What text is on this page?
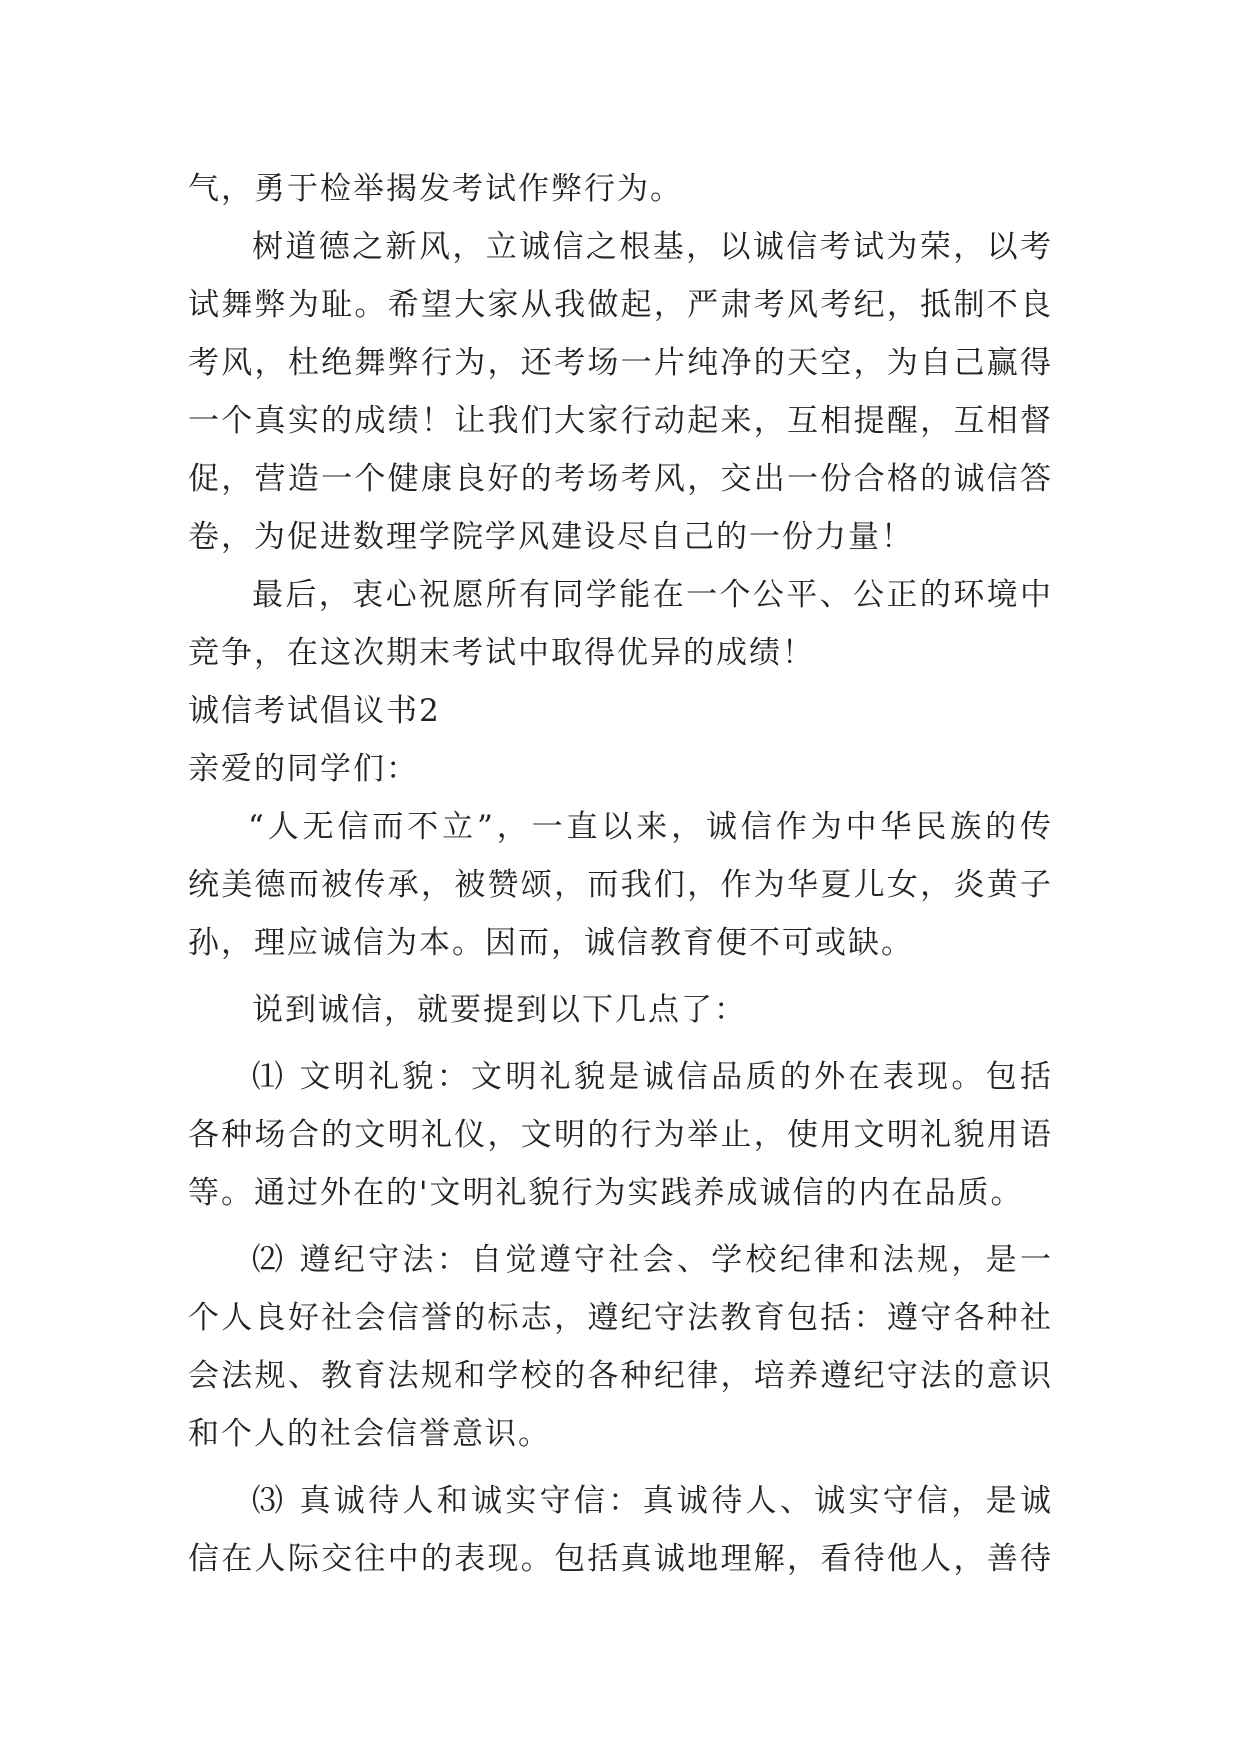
气，勇于检举揭发考试作弊行为。
树道德之新风，立诚信之根基，以诚信考试为荣，以考
试舞弊为耻。希望大家从我做起，严肃考风考纪，抵制不良
考风，杜绝舞弊行为，还考场一片纯净的天空，为自己赢得
一个真实的成绩！让我们大家行动起来，互相提醒，互相督
促，营造一个健康良好的考场考风，交出一份合格的诚信答
卷，为促进数理学院学风建设尽自己的一份力量！
最后，衷心祝愿所有同学能在一个公平、公正的环境中
竞争，在这次期末考试中取得优异的成绩！
诚信考试倡议书2
亲爱的同学们：
“人无信而不立”，一直以来，诚信作为中华民族的传
统美德而被传承，被赞颂，而我们，作为华夏儿女，炎黄子
孙，理应诚信为本。因而，诚信教育便不可或缺。
说到诚信，就要提到以下几点了：
⑴ 文明礼貌：文明礼貌是诚信品质的外在表现。包括
各种场合的文明礼仪，文明的行为举止，使用文明礼貌用语
等。通过外在的'文明礼貌行为实践养成诚信的内在品质。
⑵ 遵纪守法：自觉遵守社会、学校纪律和法规，是一
个人良好社会信誉的标志，遵纪守法教育包括：遵守各种社
会法规、教育法规和学校的各种纪律，培养遵纪守法的意识
和个人的社会信誉意识。
⑶ 真诚待人和诚实守信：真诚待人、诚实守信，是诚
信在人际交往中的表现。包括真诚地理解，看待他人，善待
